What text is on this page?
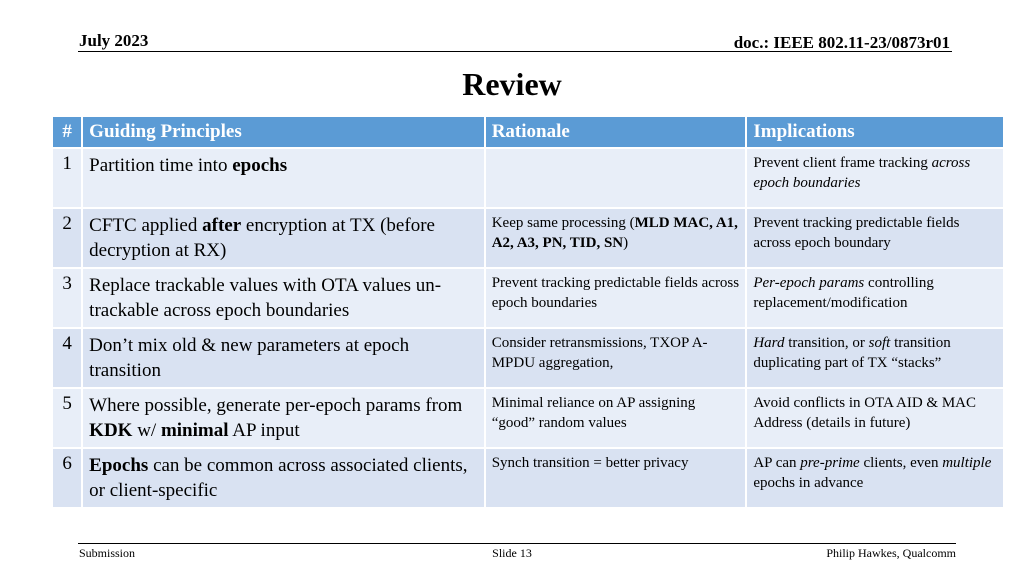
July 2023	doc.: IEEE 802.11-23/0873r01
Review
#	Guiding Principles	Rationale	Implications
1	Partition time into epochs		Prevent client frame tracking across epoch boundaries
2	CFTC applied after encryption at TX (before decryption at RX)	Keep same processing (MLD MAC, A1, A2, A3, PN, TID, SN)	Prevent tracking predictable fields across epoch boundary
3	Replace trackable values with OTA values un-trackable across epoch boundaries	Prevent tracking predictable fields across epoch boundaries	Per-epoch params controlling replacement/modification
4	Don’t mix old & new parameters at epoch transition	Consider retransmissions, TXOP A-MPDU aggregation,	Hard transition, or soft transition duplicating part of TX “stacks”
5	Where possible, generate per-epoch params from KDK w/ minimal AP input	Minimal reliance on AP assigning “good” random values	Avoid conflicts in OTA AID & MAC Address (details in future)
6	Epochs can be common across associated clients, or client-specific	Synch transition = better privacy	AP can pre-prime clients, even multiple epochs in advance
Submission	Slide 13	Philip Hawkes, Qualcomm
